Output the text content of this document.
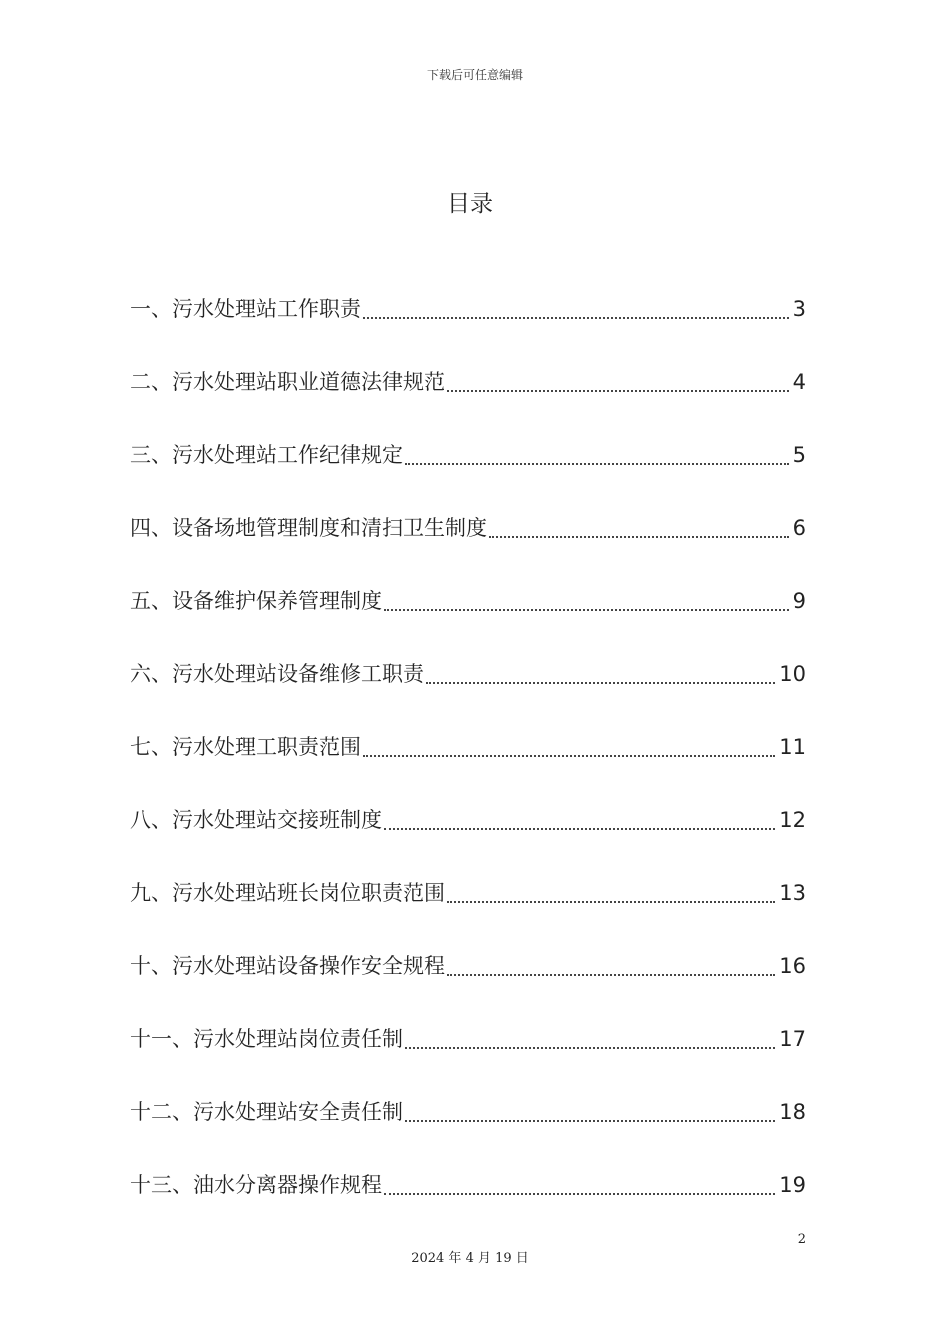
下载后可任意编辑
目录
一、污水处理站工作职责	3
二、污水处理站职业道德法律规范	4
三、污水处理站工作纪律规定	5
四、设备场地管理制度和清扫卫生制度	6
五、设备维护保养管理制度	9
六、污水处理站设备维修工职责	10
七、污水处理工职责范围	11
八、污水处理站交接班制度	12
九、污水处理站班长岗位职责范围	13
十、污水处理站设备操作安全规程	16
十一、污水处理站岗位责任制	17
十二、污水处理站安全责任制	18
十三、油水分离器操作规程	19
2
2024 年 4 月 19 日
